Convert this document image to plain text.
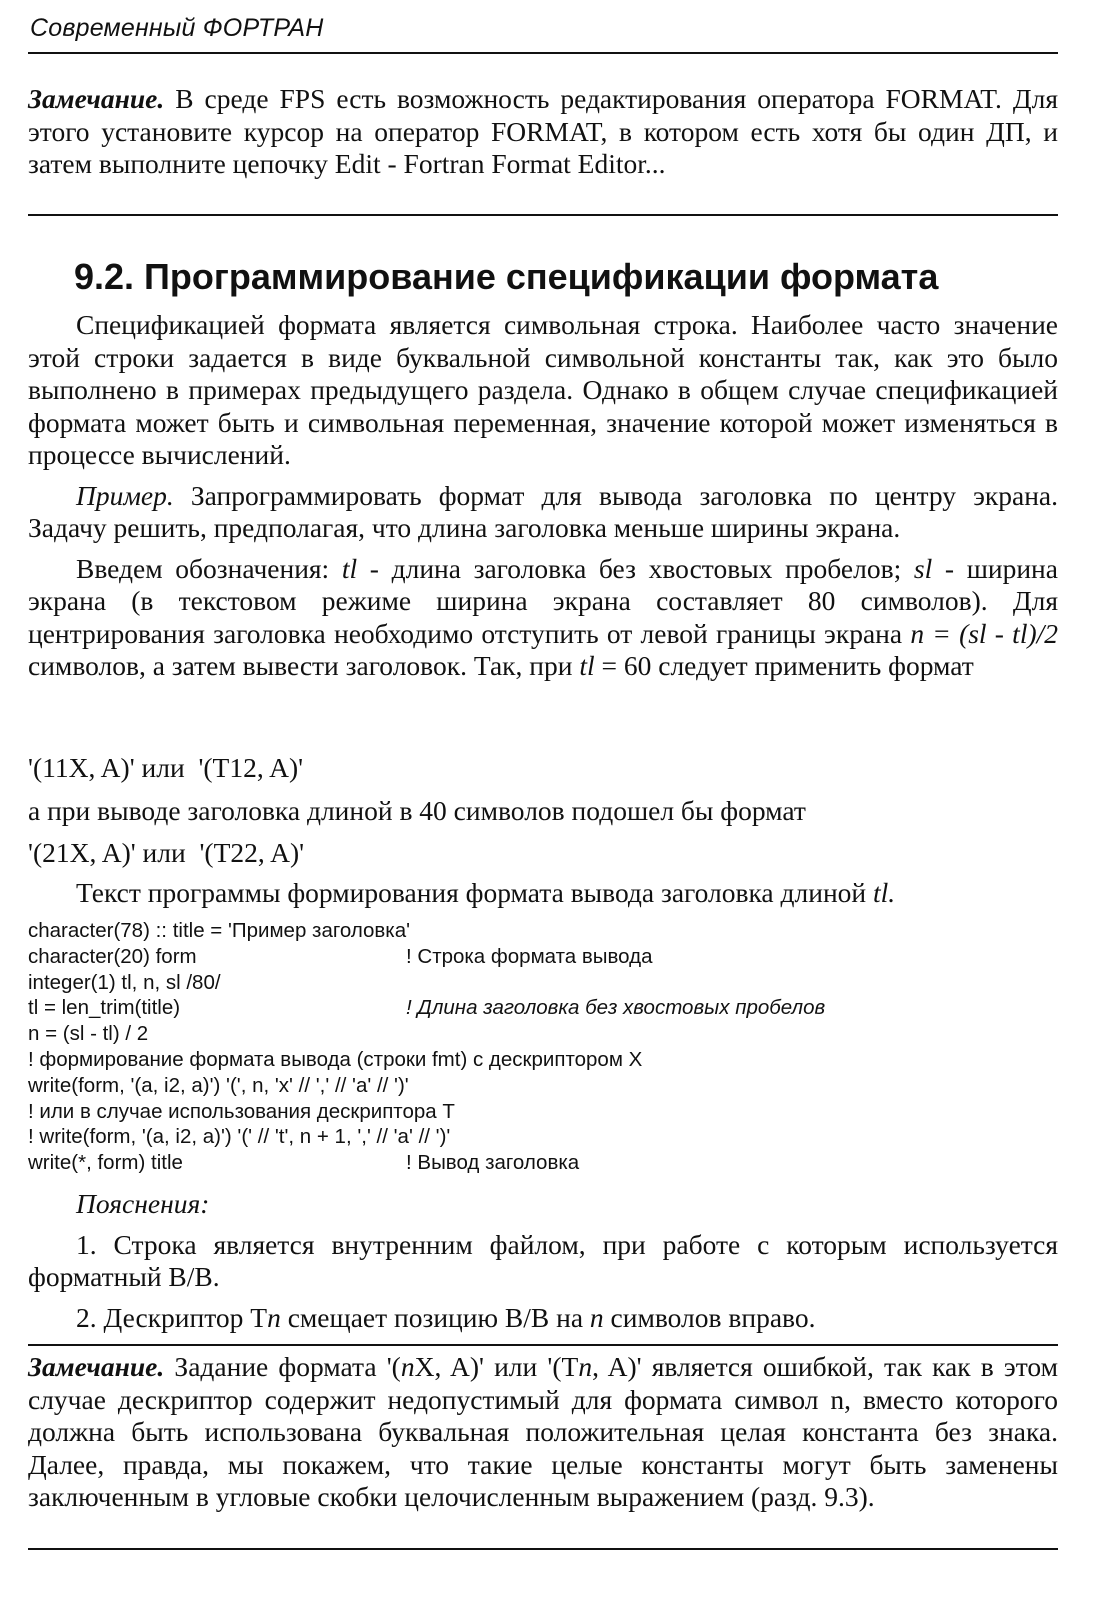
Современный ФОРТРАН

Замечание. В среде FPS есть возможность редактирования оператора FORMAT. Для этого установите курсор на оператор FORMAT, в котором есть хотя бы один ДП, и затем выполните цепочку Edit - Fortran Format Editor...

9.2. Программирование спецификации формата

Спецификацией формата является символьная строка. Наиболее часто значение этой строки задается в виде буквальной символьной константы так, как это было выполнено в примерах предыдущего раздела. Однако в общем случае спецификацией формата может быть и символьная переменная, значение которой может изменяться в процессе вычислений.

Пример. Запрограммировать формат для вывода заголовка по центру экрана. Задачу решить, предполагая, что длина заголовка меньше ширины экрана.

Введем обозначения: tl - длина заголовка без хвостовых пробелов; sl - ширина экрана (в текстовом режиме ширина экрана составляет 80 символов). Для центрирования заголовка необходимо отступить от левой границы экрана n = (sl - tl)/2 символов, а затем вывести заголовок. Так, при tl = 60 следует применить формат

'(11X, A)' или  '(T12, A)'
а при выводе заголовка длиной в 40 символов подошел бы формат
'(21X, A)' или  '(T22, A)'
Текст программы формирования формата вывода заголовка длиной tl.
character(78) :: title = 'Пример заголовка'
character(20) form	! Строка формата вывода
integer(1) tl, n, sl /80/
tl = len_trim(title)	! Длина заголовка без хвостовых пробелов
n = (sl - tl) / 2
! формирование формата вывода (строки fmt) с дескриптором X
write(form, '(a, i2, a)') '(', n, 'x' // ',' // 'a' // ')'
! или в случае использования дескриптора T
! write(form, '(a, i2, a)') '(' // 't', n + 1, ',' // 'a' // ')'
write(*, form) title	! Вывод заголовка

Пояснения:

1. Строка является внутренним файлом, при работе с которым используется форматный В/В.

2. Дескриптор Tn смещает позицию В/В на n символов вправо.

Замечание. Задание формата '(nX, A)' или '(Tn, A)' является ошибкой, так как в этом случае дескриптор содержит недопустимый для формата символ n, вместо которого должна быть использована буквальная положительная целая константа без знака. Далее, правда, мы покажем, что такие целые константы могут быть заменены заключенным в угловые скобки целочисленным выражением (разд. 9.3).
